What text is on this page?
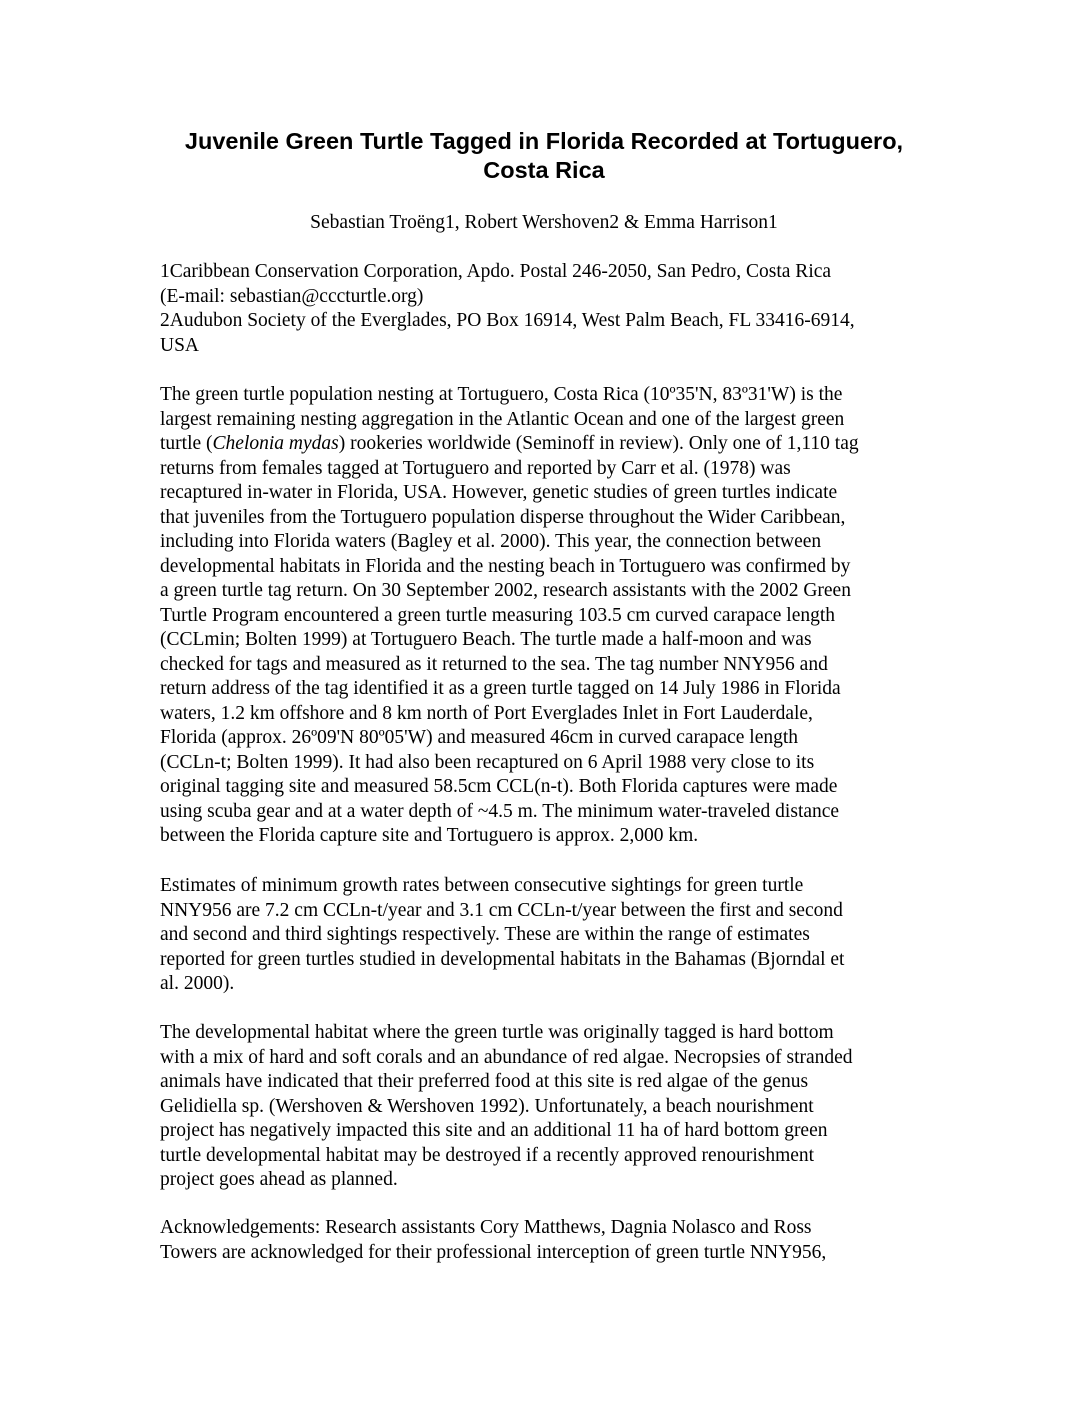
Juvenile Green Turtle Tagged in Florida Recorded at Tortuguero,
Costa Rica

Sebastian Troëng1, Robert Wershoven2 & Emma Harrison1

1Caribbean Conservation Corporation, Apdo. Postal 246-2050, San Pedro, Costa Rica
(E-mail: sebastian@cccturtle.org)
2Audubon Society of the Everglades, PO Box 16914, West Palm Beach, FL 33416-6914,
USA

The green turtle population nesting at Tortuguero, Costa Rica (10º35'N, 83º31'W) is the
largest remaining nesting aggregation in the Atlantic Ocean and one of the largest green
turtle (Chelonia mydas) rookeries worldwide (Seminoff in review). Only one of 1,110 tag
returns from females tagged at Tortuguero and reported by Carr et al. (1978) was
recaptured in-water in Florida, USA. However, genetic studies of green turtles indicate
that juveniles from the Tortuguero population disperse throughout the Wider Caribbean,
including into Florida waters (Bagley et al. 2000). This year, the connection between
developmental habitats in Florida and the nesting beach in Tortuguero was confirmed by
a green turtle tag return. On 30 September 2002, research assistants with the 2002 Green
Turtle Program encountered a green turtle measuring 103.5 cm curved carapace length
(CCLmin; Bolten 1999) at Tortuguero Beach. The turtle made a half-moon and was
checked for tags and measured as it returned to the sea. The tag number NNY956 and
return address of the tag identified it as a green turtle tagged on 14 July 1986 in Florida
waters, 1.2 km offshore and 8 km north of Port Everglades Inlet in Fort Lauderdale,
Florida (approx. 26º09'N 80º05'W) and measured 46cm in curved carapace length
(CCLn-t; Bolten 1999). It had also been recaptured on 6 April 1988 very close to its
original tagging site and measured 58.5cm CCL(n-t). Both Florida captures were made
using scuba gear and at a water depth of ~4.5 m. The minimum water-traveled distance
between the Florida capture site and Tortuguero is approx. 2,000 km.

Estimates of minimum growth rates between consecutive sightings for green turtle
NNY956 are 7.2 cm CCLn-t/year and 3.1 cm CCLn-t/year between the first and second
and second and third sightings respectively. These are within the range of estimates
reported for green turtles studied in developmental habitats in the Bahamas (Bjorndal et
al. 2000).

The developmental habitat where the green turtle was originally tagged is hard bottom
with a mix of hard and soft corals and an abundance of red algae. Necropsies of stranded
animals have indicated that their preferred food at this site is red algae of the genus
Gelidiella sp. (Wershoven & Wershoven 1992). Unfortunately, a beach nourishment
project has negatively impacted this site and an additional 11 ha of hard bottom green
turtle developmental habitat may be destroyed if a recently approved renourishment
project goes ahead as planned.

Acknowledgements: Research assistants Cory Matthews, Dagnia Nolasco and Ross
Towers are acknowledged for their professional interception of green turtle NNY956,
